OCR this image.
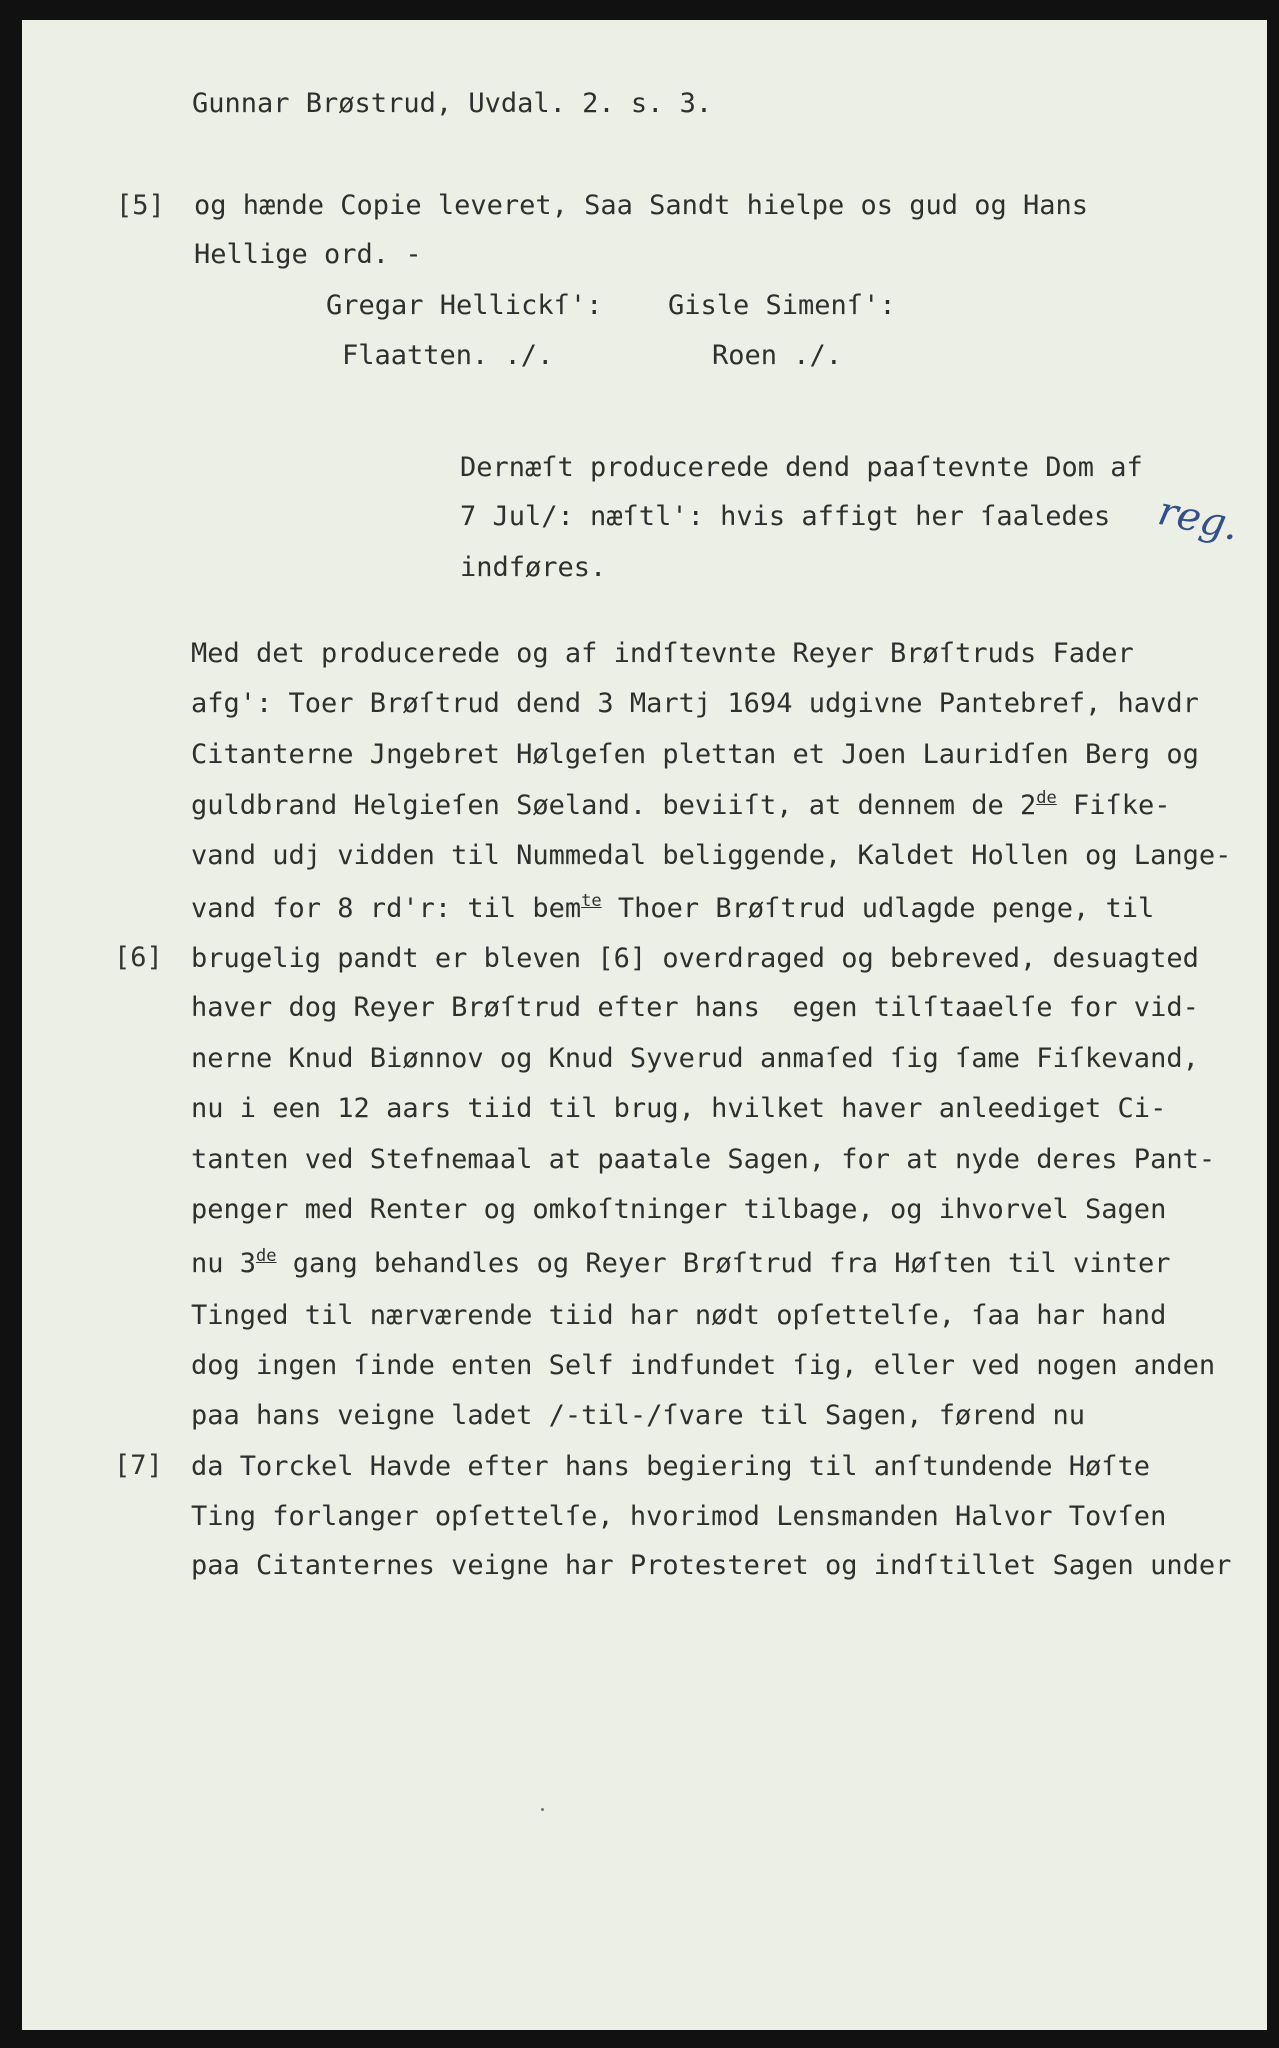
Gunnar Brøstrud, Uvdal. 2. s. 3.
[5] og hænde Copie leveret, Saa Sandt hielpe os gud og Hans
Hellige ord. -
Gregar Hellickſ': Gisle Simenſ':
Flaatten. ./.	Roen ./.
Dernæſt producerede dend paaſtevnte Dom af
7 Jul/: næſtl': hvis affigt her ſaaledes
indføres.
reg.
Med det producerede og af indſtevnte Reyer Brøſtruds Fader
afg': Toer Brøſtrud dend 3 Martj 1694 udgivne Pantebref, havdr
Citanterne Jngebret Hølgeſen plettan et Joen Lauridſen Berg og
guldbrand Helgieſen Søeland. beviiſt, at dennem de 2de Fiſke-
vand udj vidden til Nummedal beliggende, Kaldet Hollen og Lange-
vand for 8 rd'r: til bem$^{te}$ Thoer Brøſtrud udlagde penge, til
[6] brugelig pandt er bleven [6] overdraged og bebreved, desuagted
haver dog Reyer Brøſtrud efter hans  egen tilſtaaelſe for vid-
nerne Knud Biønnov og Knud Syverud anmaſed ſig ſame Fiſkevand,
nu i een 12 aars tiid til brug, hvilket haver anleediget Ci-
tanten ved Stefnemaal at paatale Sagen, for at nyde deres Pant-
penger med Renter og omkoſtninger tilbage, og ihvorvel Sagen
nu 3de gang behandles og Reyer Brøſtrud fra Høſten til vinter
Tinged til nærværende tiid har nødt opſettelſe, ſaa har hand
dog ingen ſinde enten Self indfundet ſig, eller ved nogen anden
paa hans veigne ladet /-til-/ſvare til Sagen, førend nu
[7] da Torckel Havde efter hans begiering til anſtundende Høſte
Ting forlanger opſettelſe, hvorimod Lensmanden Halvor Tovſen
paa Citanternes veigne har Protesteret og indſtillet Sagen under
